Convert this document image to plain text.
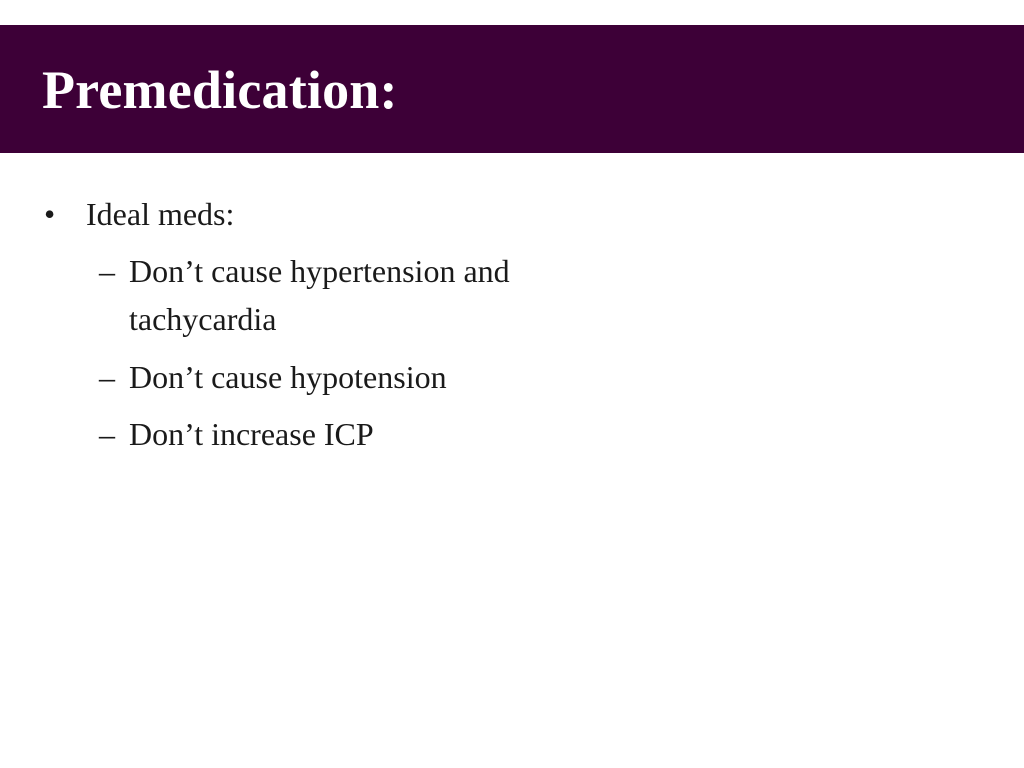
Premedication:
• Ideal meds:
– Don’t cause hypertension and tachycardia
– Don’t cause hypotension
– Don’t increase ICP
